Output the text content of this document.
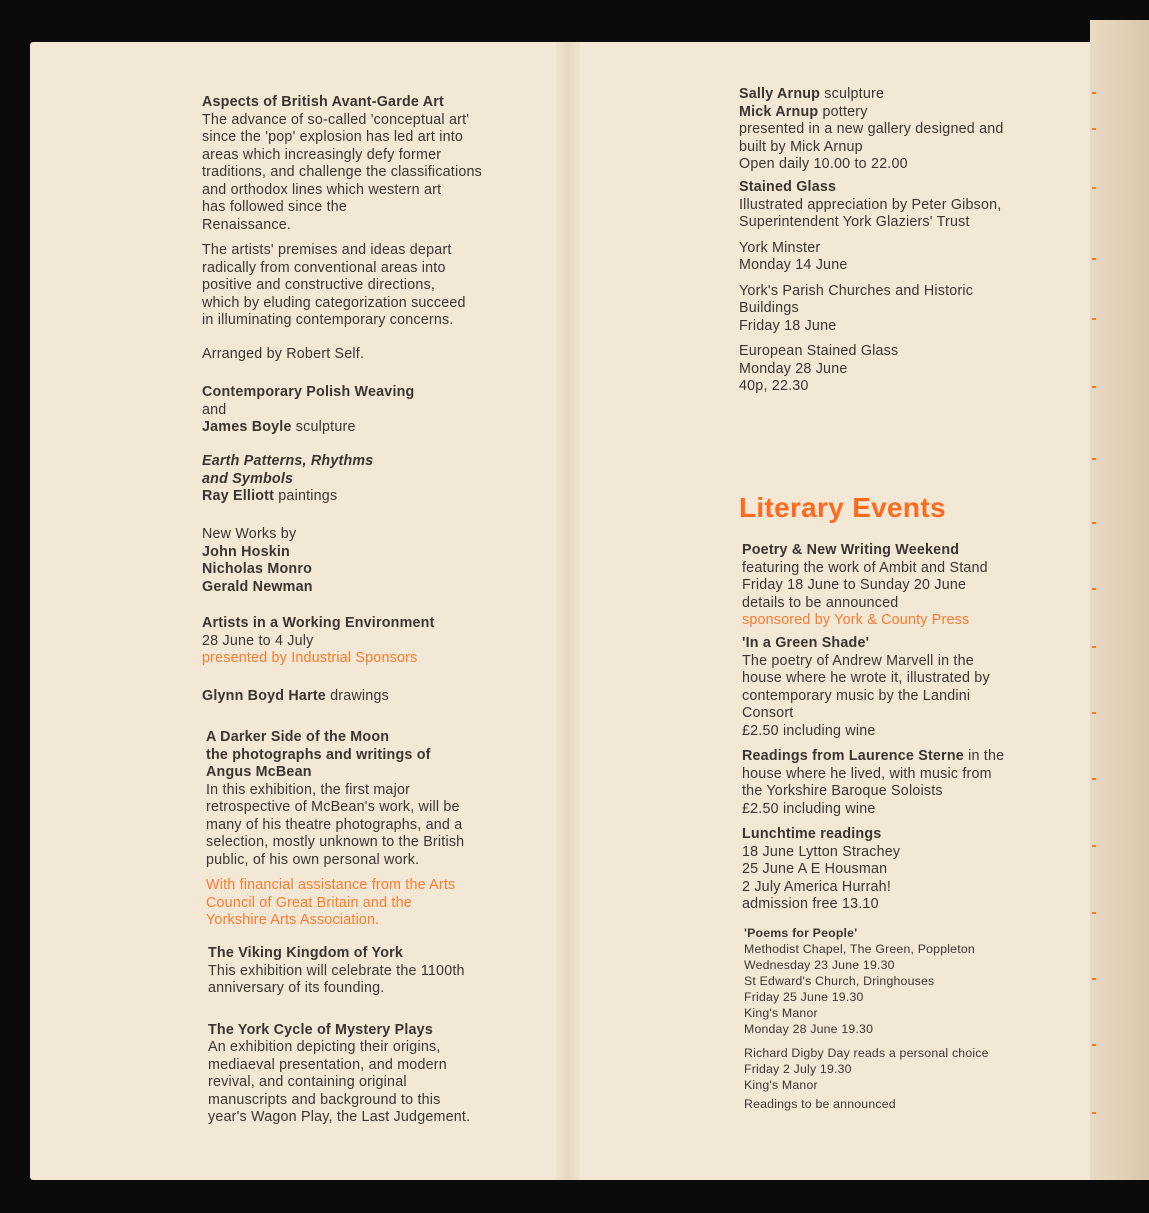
Literary Events
Aspects of British Avant-Garde Art
The advance of so-called 'conceptual art'
since the 'pop' explosion has led art into
areas which increasingly defy former
traditions, and challenge the classifications
and orthodox lines which western art
has followed since the
Renaissance.
The artists' premises and ideas depart
radically from conventional areas into
positive and constructive directions,
which by eluding categorization succeed
in illuminating contemporary concerns.
Arranged by Robert Self.
Contemporary Polish Weaving
and
James Boyle sculpture
Earth Patterns, Rhythms
and Symbols
Ray Elliott paintings
New Works by
John Hoskin
Nicholas Monro
Gerald Newman
Artists in a Working Environment
28 June to 4 July
presented by Industrial Sponsors
Glynn Boyd Harte drawings
A Darker Side of the Moon
the photographs and writings of
Angus McBean
In this exhibition, the first major
retrospective of McBean's work, will be
many of his theatre photographs, and a
selection, mostly unknown to the British
public, of his own personal work.
With financial assistance from the Arts
Council of Great Britain and the
Yorkshire Arts Association.
The Viking Kingdom of York
This exhibition will celebrate the 1100th
anniversary of its founding.
The York Cycle of Mystery Plays
An exhibition depicting their origins,
mediaeval presentation, and modern
revival, and containing original
manuscripts and background to this
year's Wagon Play, the Last Judgement.
Sally Arnup sculpture
Mick Arnup pottery
presented in a new gallery designed and
built by Mick Arnup
Open daily 10.00 to 22.00
Stained Glass
Illustrated appreciation by Peter Gibson,
Superintendent York Glaziers' Trust
York Minster
Monday 14 June
York's Parish Churches and Historic
Buildings
Friday 18 June
European Stained Glass
Monday 28 June
40p, 22.30
Poetry & New Writing Weekend
featuring the work of Ambit and Stand
Friday 18 June to Sunday 20 June
details to be announced
sponsored by York & County Press
'In a Green Shade'
The poetry of Andrew Marvell in the
house where he wrote it, illustrated by
contemporary music by the Landini
Consort
£2.50 including wine
Readings from Laurence Sterne in the
house where he lived, with music from
the Yorkshire Baroque Soloists
£2.50 including wine
Lunchtime readings
18 June Lytton Strachey
25 June A E Housman
2 July America Hurrah!
admission free 13.10
'Poems for People'
Methodist Chapel, The Green, Poppleton
Wednesday 23 June 19.30
St Edward's Church, Dringhouses
Friday 25 June 19.30
King's Manor
Monday 28 June 19.30
Richard Digby Day reads a personal choice
Friday 2 July 19.30
King's Manor
Readings to be announced
